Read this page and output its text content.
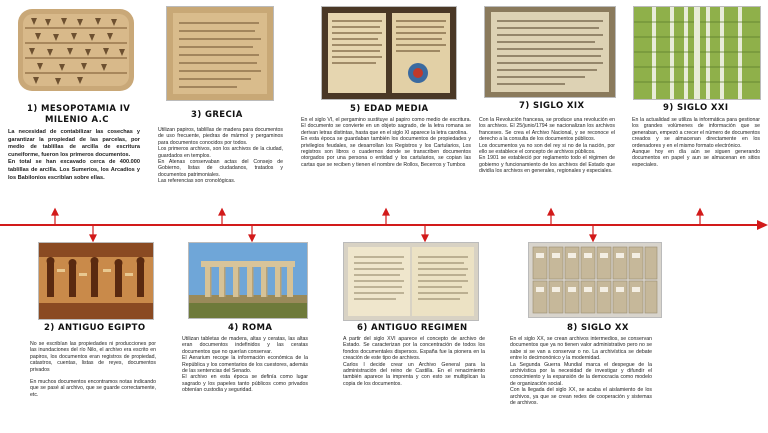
1) MESOPOTAMIA IV
MILENIO A.C

La necesidad de contabilizar las cosechas y garantizar la propiedad de las parcelas, por medio de tablillas de arcilla de escritura cuneiforme, fueron los primeros documentos.

En total se han excavado cerca de 400.000 tablillas de arcilla. Los Sumerios, los Arcadios y los Babilonios escriblan sobre ellas.

2) ANTIGUO EGIPTO

No se escribían las propiedades ni producciones por las inundaciones del río Nilo, el archivo era escrito en papiros, los documentos eran registros de propiedad, catastros, cuentas, listas de reyes, documentos privados

En muchos documentos encontramos notas indicando que se pasé al archivo, que se guarde correctamente, etc.

3) GRECIA

Utilizan papiros, tablillas de madera para documentos de uso frecuente, piedras de mármol y pergaminos para documentos conocidos por todos.

Los primeros archivos, son los archivos de la ciudad, guardados en templos.

En Atenas conservaban actas del Consejo de Gobierno, listas de ciudadanos, tratados y documentos patrimoniales.

Las referencias son cronológicas.

4) ROMA

Utilizan tabletas de madera, altas y ceratas, las altas eran documentos indefinidos y las ceratas documentos que no querían conservar.

El Aerarium recoge la información económica de la República y los comentarios de los cuestores, además de las sentencias del Senado.

El archivo en esta época se definía como lugar sagrado y los papeles tanto públicos como privados obtenían custodia y seguridad.

5) EDAD MEDIA

En el siglo VI, el pergamino sustituye al papiro como medio de escritura. El documento se convierte en un objeto sagrado, de la letra romana se derivan letras distintas, hasta que en el siglo XI aparece la letra carolina.

En esta época se guardaban también los documentos de propiedades y privilegios feudales, se desarrollan los Registros y los Cartularios, Los registros son libros o cuadernos donde se transcriben documentos otorgados por una persona o entidad y los cartularios, se copian las cartas que se reciben y tienen el nombre de Rollos, Becerros y Tumbos

6) ANTIGUO REGIMEN

A partir del siglo XVI aparece el concepto de archivo de Estado. Se caracterizan por la concentración de todos los fondos documentales dispersos. España fue la pionera en la creación de este tipo de archivos.

Carlos I decide crear un Archivo General para la administración del reino de Castilla. En el renacimiento también aparece la imprenta y con esto se multiplican la copia de los documentos.

7) SIGLO XIX

Con la Revolución francesa, se produce una revolución en los archivos. El 25/junio/1794 se nacionalizan los archivos franceses. Se crea el Archivo Nacional, y se reconoce el derecho a la consulta de los documentos públicos.

Los documentos ya no son del rey si no de la nación, por ello se establece el concepto de archivos públicos.

En 1901 se estableció por reglamento todo el régimen de gobierno y funcionamiento de los archivos del Estado que dividía los archivos en generales, regionales y especiales.

8) SIGLO XX

En el siglo XX, se crean archivos intermedios, se conservan documentos que ya no tienen valor administrativo pero no se sabe si se van a conservar o no. La archivística se debate entre lo decimonónico y la modernidad.

La Segunda Guerra Mundial marca el despegue de la archivística por la necesidad de investigar y difundir el conocimiento y la expansión de la democracia como modelo de organización social.

Con la llegada del siglo XX, se acaba el aislamiento de los archivos, ya que se crean redes de cooperación y sistemas de archivos.

9) SIGLO XXI

En la actualidad se utiliza la informática para gestionar los grandes volúmenes de información que se generaban, empezó a crecer el número de documentos creados y se almacenan directamente en los ordenadores y en el mismo formato electrónico.

Aunque hoy en día aún se siguen generando documentos en papel y aun se almacenan en sitios especiales.
